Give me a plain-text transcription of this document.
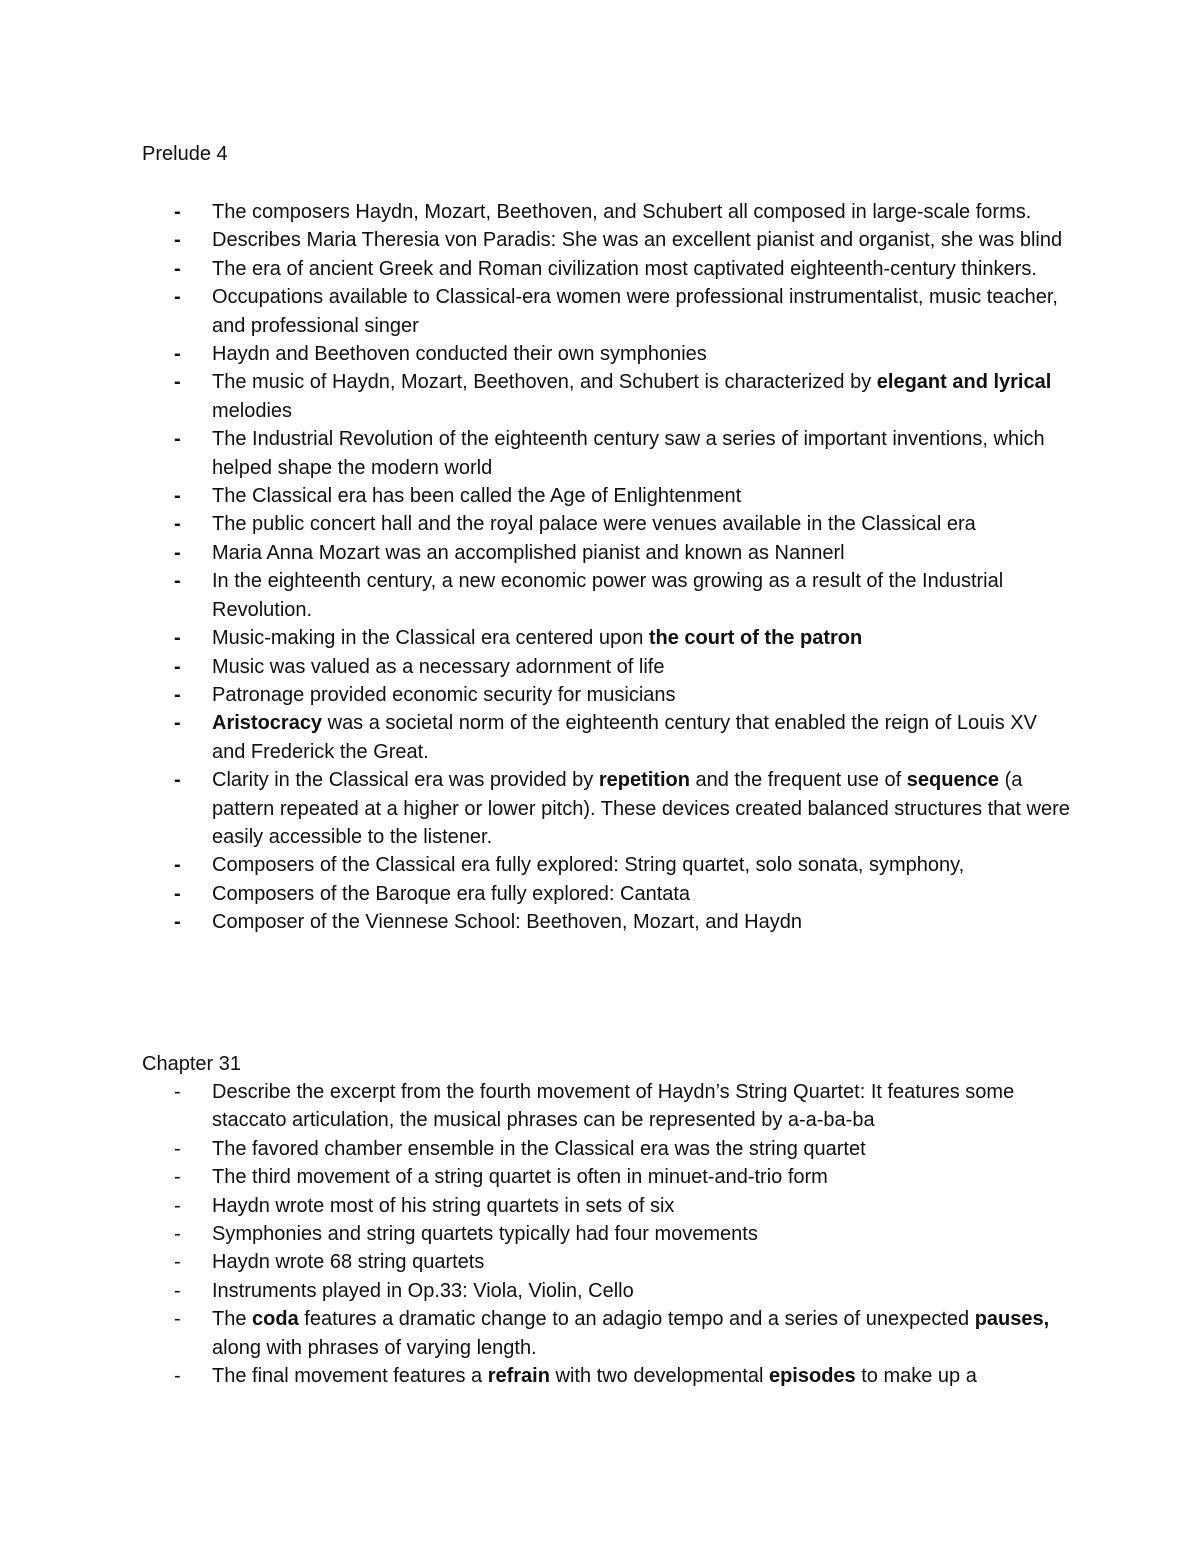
Prelude 4
-	The composers Haydn, Mozart, Beethoven, and Schubert all composed in large-scale forms.
-	Describes Maria Theresia von Paradis: She was an excellent pianist and organist, she was blind
-	The era of ancient Greek and Roman civilization most captivated eighteenth-century thinkers.
-	Occupations available to Classical-era women were professional instrumentalist, music teacher, and professional singer
-	Haydn and Beethoven conducted their own symphonies
-	The music of Haydn, Mozart, Beethoven, and Schubert is characterized by elegant and lyrical melodies
-	The Industrial Revolution of the eighteenth century saw a series of important inventions, which helped shape the modern world
-	The Classical era has been called the Age of Enlightenment
-	The public concert hall and the royal palace were venues available in the Classical era
-	Maria Anna Mozart was an accomplished pianist and known as Nannerl
-	In the eighteenth century, a new economic power was growing as a result of the Industrial Revolution.
-	Music-making in the Classical era centered upon the court of the patron
-	Music was valued as a necessary adornment of life
-	Patronage provided economic security for musicians
-	Aristocracy was a societal norm of the eighteenth century that enabled the reign of Louis XV and Frederick the Great.
-	Clarity in the Classical era was provided by repetition and the frequent use of sequence (a pattern repeated at a higher or lower pitch). These devices created balanced structures that were easily accessible to the listener.
-	Composers of the Classical era fully explored: String quartet, solo sonata, symphony,
-	Composers of the Baroque era fully explored: Cantata
-	Composer of the Viennese School: Beethoven, Mozart, and Haydn
Chapter 31
-	Describe the excerpt from the fourth movement of Haydn’s String Quartet: It features some staccato articulation, the musical phrases can be represented by a-a-ba-ba
-	The favored chamber ensemble in the Classical era was the string quartet
-	The third movement of a string quartet is often in minuet-and-trio form
-	Haydn wrote most of his string quartets in sets of six
-	Symphonies and string quartets typically had four movements
-	Haydn wrote 68 string quartets
-	Instruments played in Op.33: Viola, Violin, Cello
-	The coda features a dramatic change to an adagio tempo and a series of unexpected pauses, along with phrases of varying length.
-	The final movement features a refrain with two developmental episodes to make up a
